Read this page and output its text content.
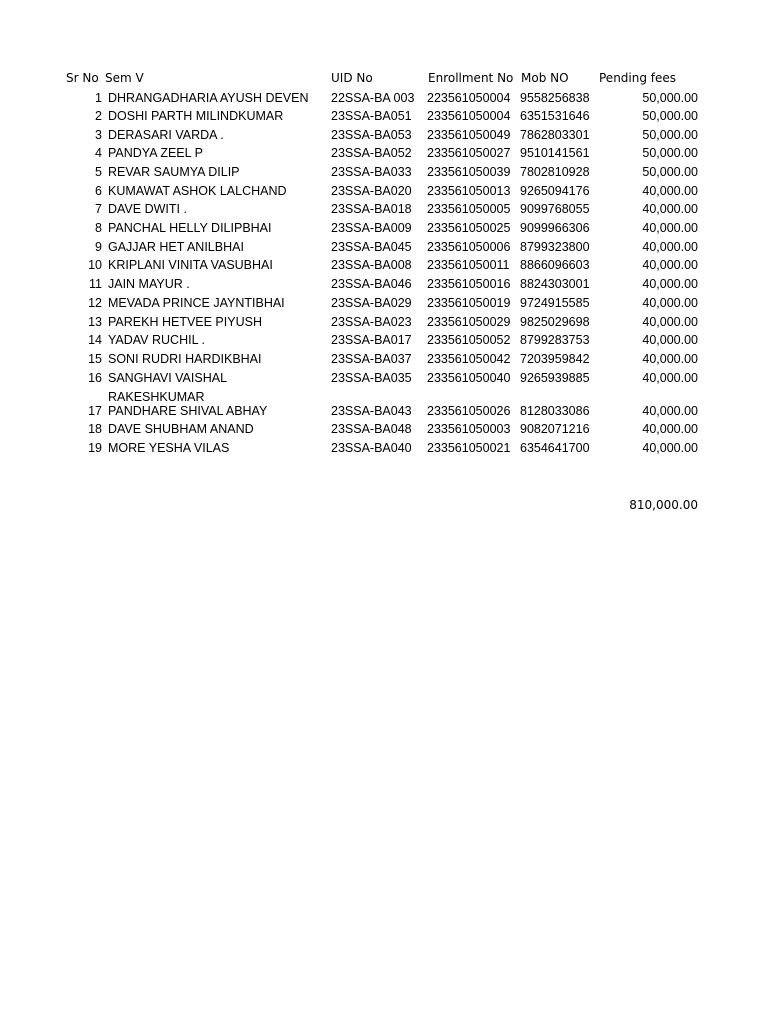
Sr No Sem V	UID No	Enrollment No Mob NO	Pending fees
1 DHRANGADHARIA AYUSH DEVEN	22SSA-BA 003 223561050004 9558256838	50,000.00
2 DOSHI PARTH MILINDKUMAR	23SSA-BA051 233561050004 6351531646	50,000.00
3 DERASARI VARDA .	23SSA-BA053 233561050049 7862803301	50,000.00
4 PANDYA ZEEL P	23SSA-BA052 233561050027 9510141561	50,000.00
5 REVAR SAUMYA DILIP	23SSA-BA033 233561050039 7802810928	50,000.00
6 KUMAWAT ASHOK LALCHAND	23SSA-BA020 233561050013 9265094176	40,000.00
7 DAVE DWITI .	23SSA-BA018 233561050005 9099768055	40,000.00
8 PANCHAL HELLY DILIPBHAI	23SSA-BA009 233561050025 9099966306	40,000.00
9 GAJJAR HET ANILBHAI	23SSA-BA045 233561050006 8799323800	40,000.00
10 KRIPLANI VINITA VASUBHAI	23SSA-BA008 233561050011 8866096603	40,000.00
11 JAIN MAYUR .	23SSA-BA046 233561050016 8824303001	40,000.00
12 MEVADA PRINCE JAYNTIBHAI	23SSA-BA029 233561050019 9724915585	40,000.00
13 PAREKH HETVEE PIYUSH	23SSA-BA023 233561050029 9825029698	40,000.00
14 YADAV RUCHIL .	23SSA-BA017 233561050052 8799283753	40,000.00
15 SONI RUDRI HARDIKBHAI	23SSA-BA037 233561050042 7203959842	40,000.00
16 SANGHAVI VAISHAL RAKESHKUMAR
23SSA-BA035 233561050040 9265939885	40,000.00
17 PANDHARE SHIVAL ABHAY	23SSA-BA043 233561050026 8128033086	40,000.00
18 DAVE SHUBHAM ANAND	23SSA-BA048 233561050003 9082071216	40,000.00
19 MORE YESHA VILAS	23SSA-BA040 233561050021 6354641700	40,000.00
810,000.00
